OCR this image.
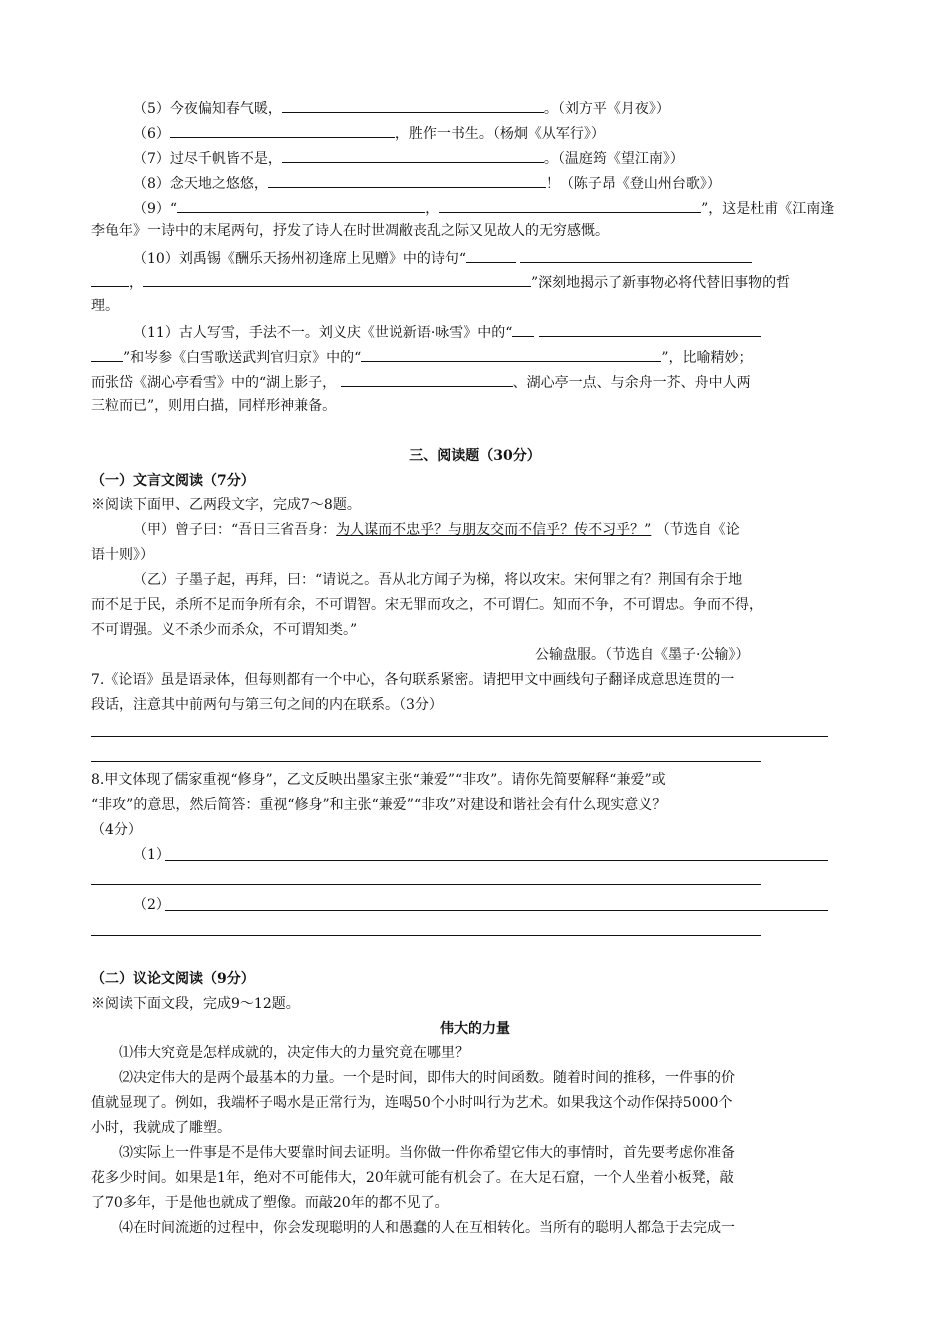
（5）今夜偏知春气暖，	。（刘方平《月夜》）
（6）	，胜作一书生。（杨炯《从军行》）
（7）过尽千帆皆不是，	。（温庭筠《望江南》）
（8）念天地之悠悠，	！（陈子昂《登山州台歌》）
（9）“	，	”，这是杜甫《江南逢
李龟年》一诗中的末尾两句，抒发了诗人在时世凋敝丧乱之际又见故人的无穷感慨。
（10）刘禹锡《酬乐天扬州初逢席上见赠》中的诗句“
，	”深刻地揭示了新事物必将代替旧事物的哲
理。
（11）古人写雪，手法不一。刘义庆《世说新语·咏雪》中的“
”和岑参《白雪歌送武判官归京》中的“	”，比喻精妙；
而张岱《湖心亭看雪》中的“湖上影子，	、湖心亭一点、与余舟一芥、舟中人两
三粒而已”，则用白描，同样形神兼备。
三、阅读题（30分）
（一）文言文阅读（7分）
※阅读下面甲、乙两段文字，完成7～8题。
（甲）曾子曰：“吾日三省吾身：为人谋而不忠乎？与朋友交而不信乎？传不习乎？” （节选自《论
语十则》）
（乙）子墨子起，再拜，曰：“请说之。吾从北方闻子为梯，将以攻宋。宋何罪之有？荆国有余于地
而不足于民，杀所不足而争所有余，不可谓智。宋无罪而攻之，不可谓仁。知而不争，不可谓忠。争而不得，
不可谓强。义不杀少而杀众，不可谓知类。”
公输盘服。（节选自《墨子·公输》）
7.《论语》虽是语录体，但每则都有一个中心，各句联系紧密。请把甲文中画线句子翻译成意思连贯的一
段话，注意其中前两句与第三句之间的内在联系。（3分）
8.甲文体现了儒家重视“修身”，乙文反映出墨家主张“兼爱”“非攻”。请你先简要解释“兼爱”或
“非攻”的意思，然后简答：重视“修身”和主张“兼爱”“非攻”对建设和谐社会有什么现实意义？
（4分）
（1）
（2）
（二）议论文阅读（9分）
※阅读下面文段，完成9～12题。
伟大的力量
⑴伟大究竟是怎样成就的，决定伟大的力量究竟在哪里？
⑵决定伟大的是两个最基本的力量。一个是时间，即伟大的时间函数。随着时间的推移，一件事的价
值就显现了。例如，我端杯子喝水是正常行为，连喝50个小时叫行为艺术。如果我这个动作保持5000个
小时，我就成了雕塑。
⑶实际上一件事是不是伟大要靠时间去证明。当你做一件你希望它伟大的事情时，首先要考虑你准备
花多少时间。如果是1年，绝对不可能伟大，20年就可能有机会了。在大足石窟，一个人坐着小板凳，敲
了70多年，于是他也就成了塑像。而敲20年的都不见了。
⑷在时间流逝的过程中，你会发现聪明的人和愚蠢的人在互相转化。当所有的聪明人都急于去完成一
